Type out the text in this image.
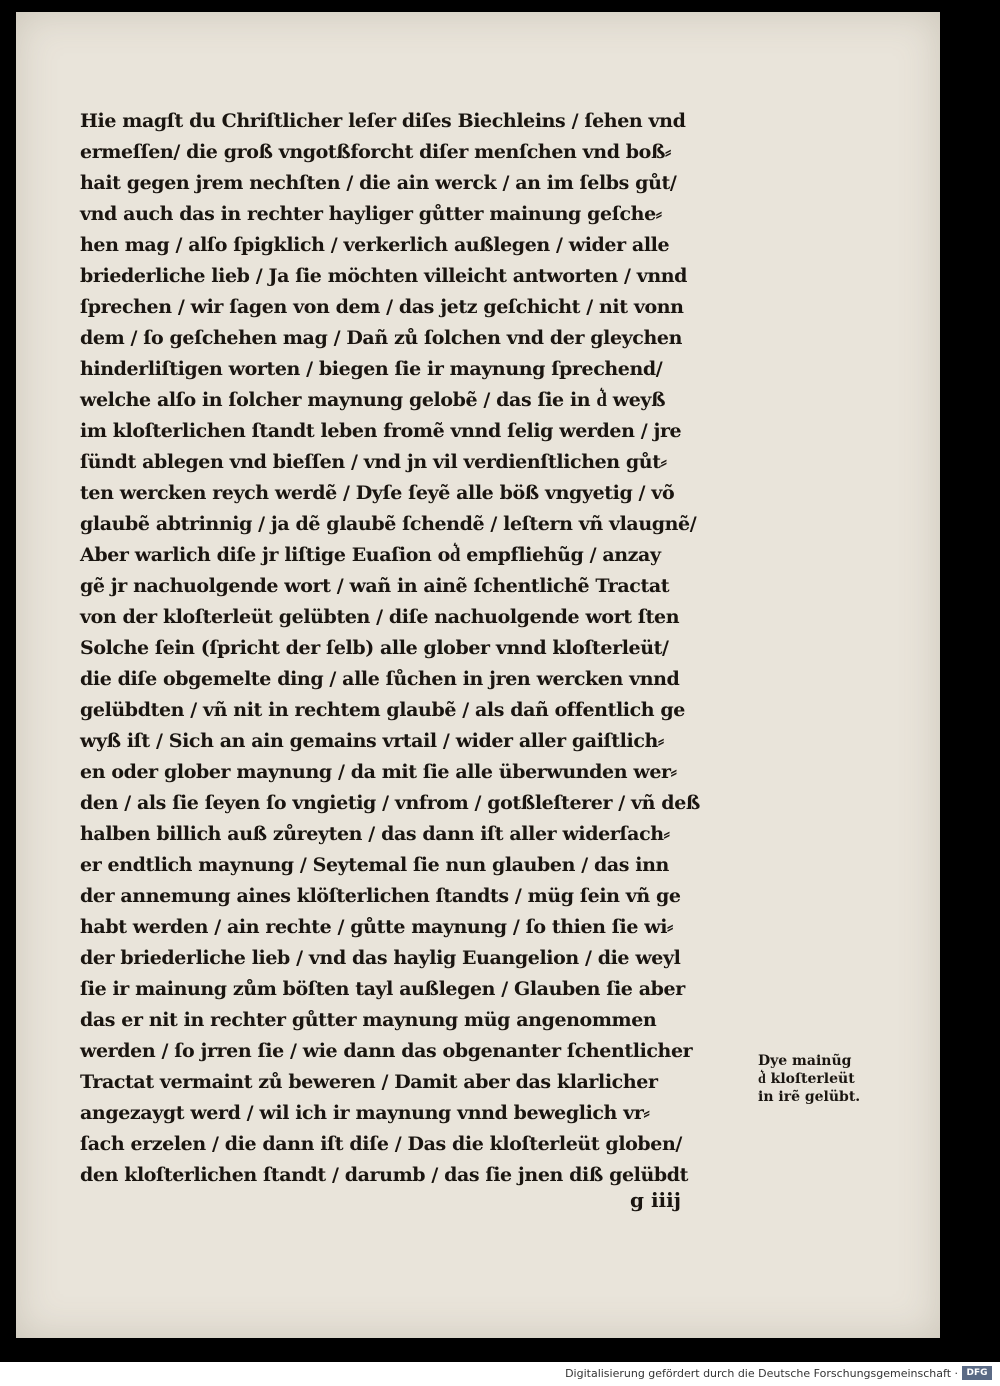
Hie magſt du Chriſtlicher leſer diſes Biechleins / ſehen vnd
ermeſſen/ die groß vngotßforcht diſer menſchen vnd boß⸗
hait gegen jrem nechſten / die ain werck / an im ſelbs gůt/
vnd auch das in rechter hayliger gůtter mainung geſche⸗
hen mag / alſo ſpigklich / verkerlich außlegen / wider alle
briederliche lieb / Ja ſie möchten villeicht antworten / vnnd
ſprechen / wir ſagen von dem / das jetz geſchicht / nit vonn
dem / ſo geſchehen mag / Dañ zů ſolchen vnd der gleychen
hinderliſtigen worten / biegen ſie ir maynung ſprechend/
welche alſo in ſolcher maynung gelobẽ / das ſie in d͛ weyß
im kloſterlichen ſtandt leben fromẽ vnnd ſelig werden / jre
ſündt ablegen vnd bieſſen / vnd jn vil verdienſtlichen gůt⸗
ten wercken reych werdẽ / Dyſe ſeyẽ alle böß vngyetig / võ
glaubẽ abtrinnig / ja dẽ glaubẽ ſchendẽ / leſtern vñ vlaugnẽ/
Aber warlich diſe jr liſtige Euaſion od͛ empfliehũg / anzay
gẽ jr nachuolgende wort / wañ in ainẽ ſchentlichẽ Tractat
von der kloſterleüt gelübten / diſe nachuolgende wort ſten
Solche ſein (ſpricht der ſelb) alle glober vnnd kloſterleüt/
die diſe obgemelte ding / alle ſůchen in jren wercken vnnd
gelübdten / vñ nit in rechtem glaubẽ / als dañ offentlich ge
wyß iſt / Sich an ain gemains vrtail / wider aller gaiſtlich⸗
en oder glober maynung / da mit ſie alle überwunden wer⸗
den / als ſie ſeyen ſo vngietig / vnfrom / gotßleſterer / vñ deß
halben billich auß zůreyten / das dann iſt aller widerſach⸗
er endtlich maynung / Seytemal ſie nun glauben / das inn
der annemung aines klöſterlichen ſtandts / müg ſein vñ ge
habt werden / ain rechte / gůtte maynung / ſo thien ſie wi⸗
der briederliche lieb / vnd das haylig Euangelion / die weyl
ſie ir mainung zům böſten tayl außlegen / Glauben ſie aber
das er nit in rechter gůtter maynung müg angenommen
werden / ſo jrren ſie / wie dann das obgenanter ſchentlicher
Tractat vermaint zů beweren / Damit aber das klarlicher
angezaygt werd / wil ich ir maynung vnnd beweglich vr⸗
ſach erzelen / die dann iſt diſe / Das die kloſterleüt globen/
den kloſterlichen ſtandt / darumb / das ſie jnen diß gelübdt
Dye mainũg
d͛ kloſterleüt
in irẽ gelübt.
g iiij
Digitalisierung gefördert durch die Deutsche Forschungsgemeinschaft · DFG
